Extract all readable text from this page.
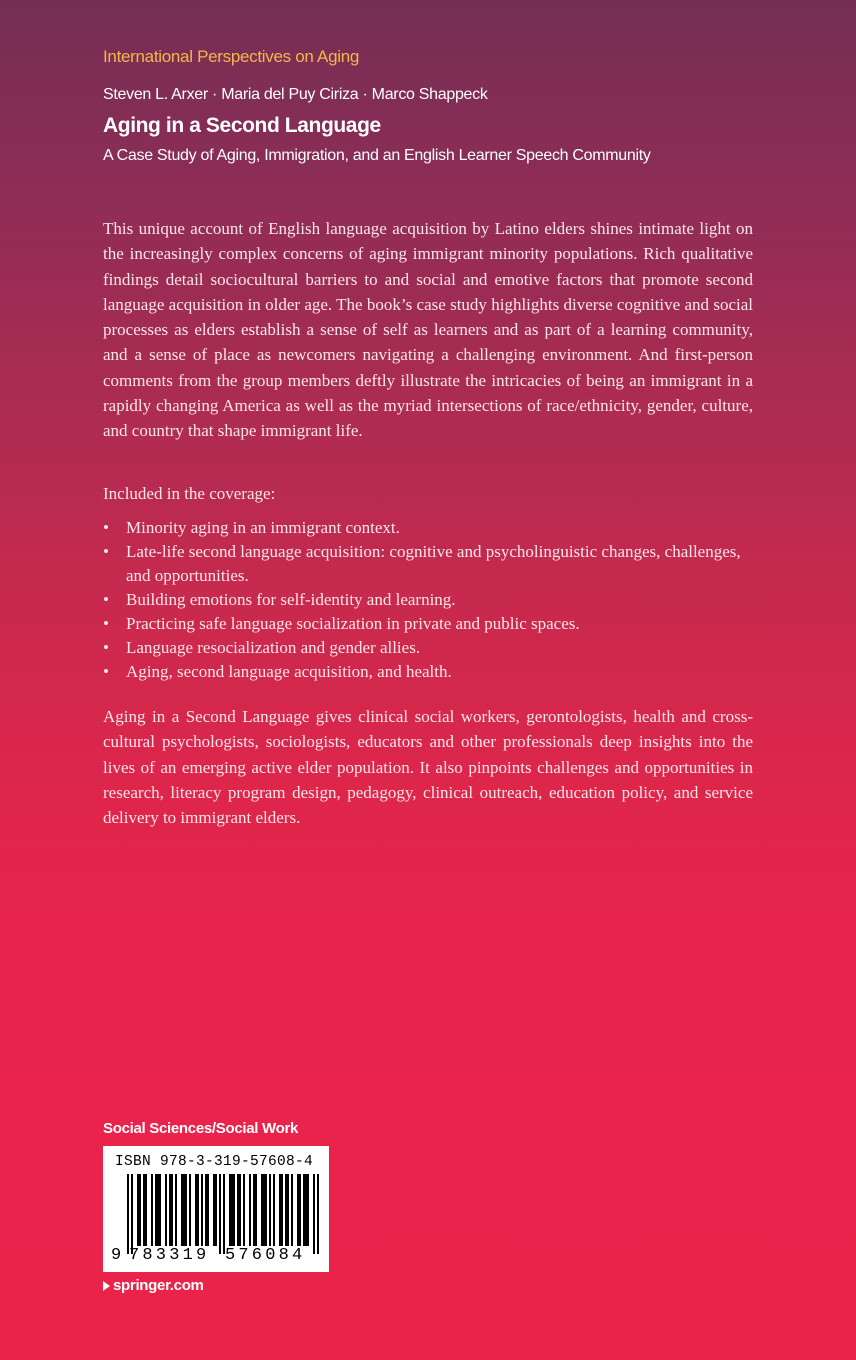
International Perspectives on Aging
Steven L. Arxer · Maria del Puy Ciriza · Marco Shappeck
Aging in a Second Language
A Case Study of Aging, Immigration, and an English Learner Speech Community
This unique account of English language acquisition by Latino elders shines intimate light on the increasingly complex concerns of aging immigrant minority populations. Rich qualitative findings detail sociocultural barriers to and social and emotive factors that promote second language acquisition in older age. The book’s case study highlights diverse cognitive and social processes as elders establish a sense of self as learners and as part of a learning community, and a sense of place as newcomers navigating a challenging environment. And first-person comments from the group members deftly illustrate the intricacies of being an immigrant in a rapidly changing America as well as the myriad intersections of race/ethnicity, gender, culture, and country that shape immigrant life.
Included in the coverage:
• Minority aging in an immigrant context.
• Late-life second language acquisition: cognitive and psycholinguistic changes, challenges, and opportunities.
• Building emotions for self-identity and learning.
• Practicing safe language socialization in private and public spaces.
• Language resocialization and gender allies.
• Aging, second language acquisition, and health.
Aging in a Second Language gives clinical social workers, gerontologists, health and cross-cultural psychologists, sociologists, educators and other professionals deep insights into the lives of an emerging active elder population. It also pinpoints challenges and opportunities in research, literacy program design, pedagogy, clinical outreach, education policy, and service delivery to immigrant elders.
Social Sciences/Social Work
ISBN 978-3-319-57608-4
9 783319 576084
springer.com
